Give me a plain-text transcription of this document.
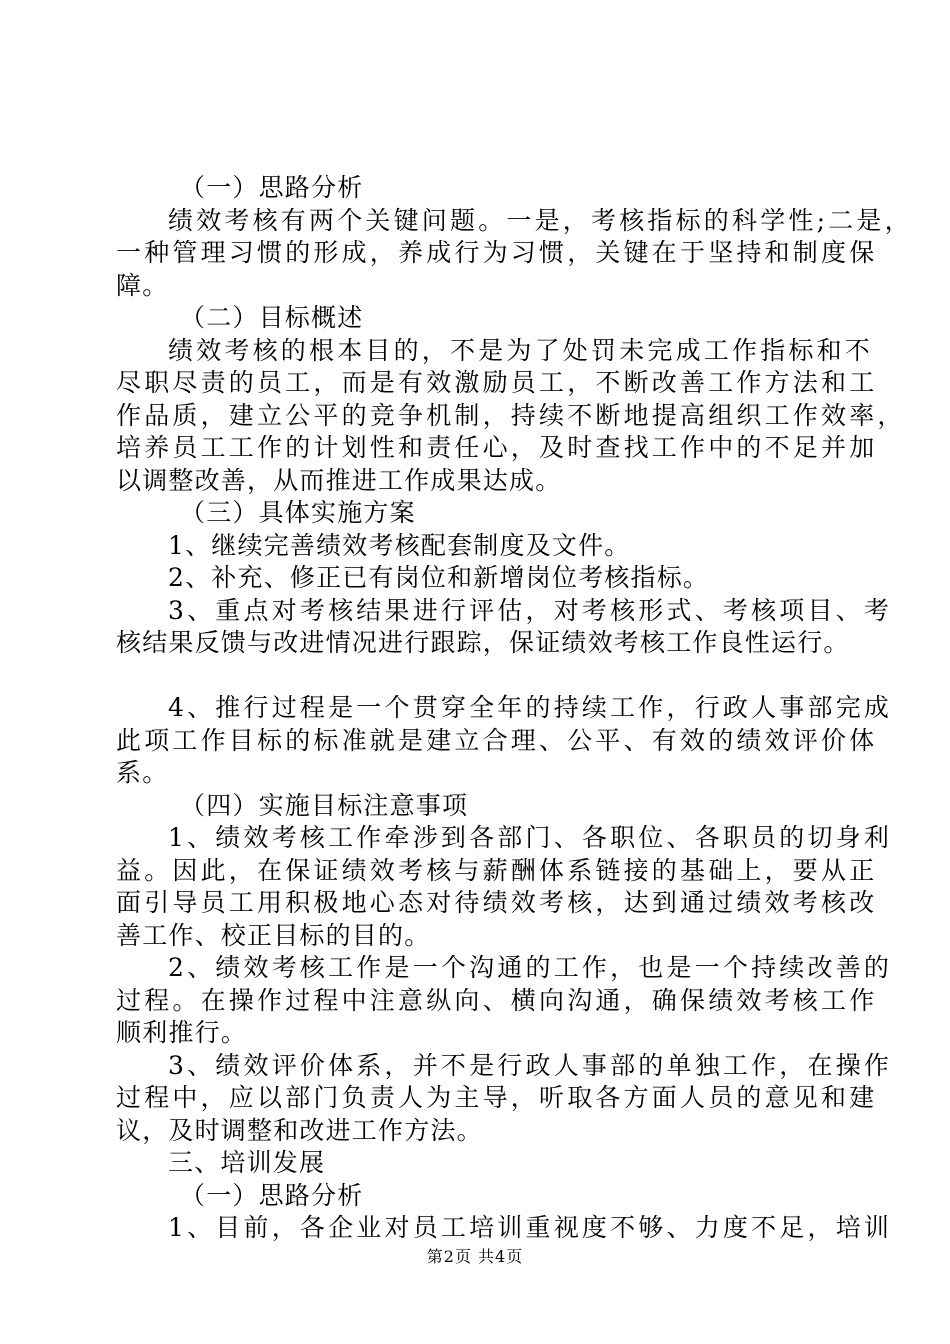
（一）思路分析
绩效考核有两个关键问题。一是，考核指标的科学性;二是，
一种管理习惯的形成，养成行为习惯，关键在于坚持和制度保
障。
（二）目标概述
绩效考核的根本目的，不是为了处罚未完成工作指标和不
尽职尽责的员工，而是有效激励员工，不断改善工作方法和工
作品质，建立公平的竞争机制，持续不断地提高组织工作效率，
培养员工工作的计划性和责任心，及时查找工作中的不足并加
以调整改善，从而推进工作成果达成。
（三）具体实施方案
1、继续完善绩效考核配套制度及文件。
2、补充、修正已有岗位和新增岗位考核指标。
3、重点对考核结果进行评估，对考核形式、考核项目、考
核结果反馈与改进情况进行跟踪，保证绩效考核工作良性运行。
4、推行过程是一个贯穿全年的持续工作，行政人事部完成
此项工作目标的标准就是建立合理、公平、有效的绩效评价体
系。
（四）实施目标注意事项
1、绩效考核工作牵涉到各部门、各职位、各职员的切身利
益。因此，在保证绩效考核与薪酬体系链接的基础上，要从正
面引导员工用积极地心态对待绩效考核，达到通过绩效考核改
善工作、校正目标的目的。
2、绩效考核工作是一个沟通的工作，也是一个持续改善的
过程。在操作过程中注意纵向、横向沟通，确保绩效考核工作
顺利推行。
3、绩效评价体系，并不是行政人事部的单独工作，在操作
过程中，应以部门负责人为主导，听取各方面人员的意见和建
议，及时调整和改进工作方法。
三、培训发展
（一）思路分析
1、目前，各企业对员工培训重视度不够、力度不足，培训
第2页 共4页
